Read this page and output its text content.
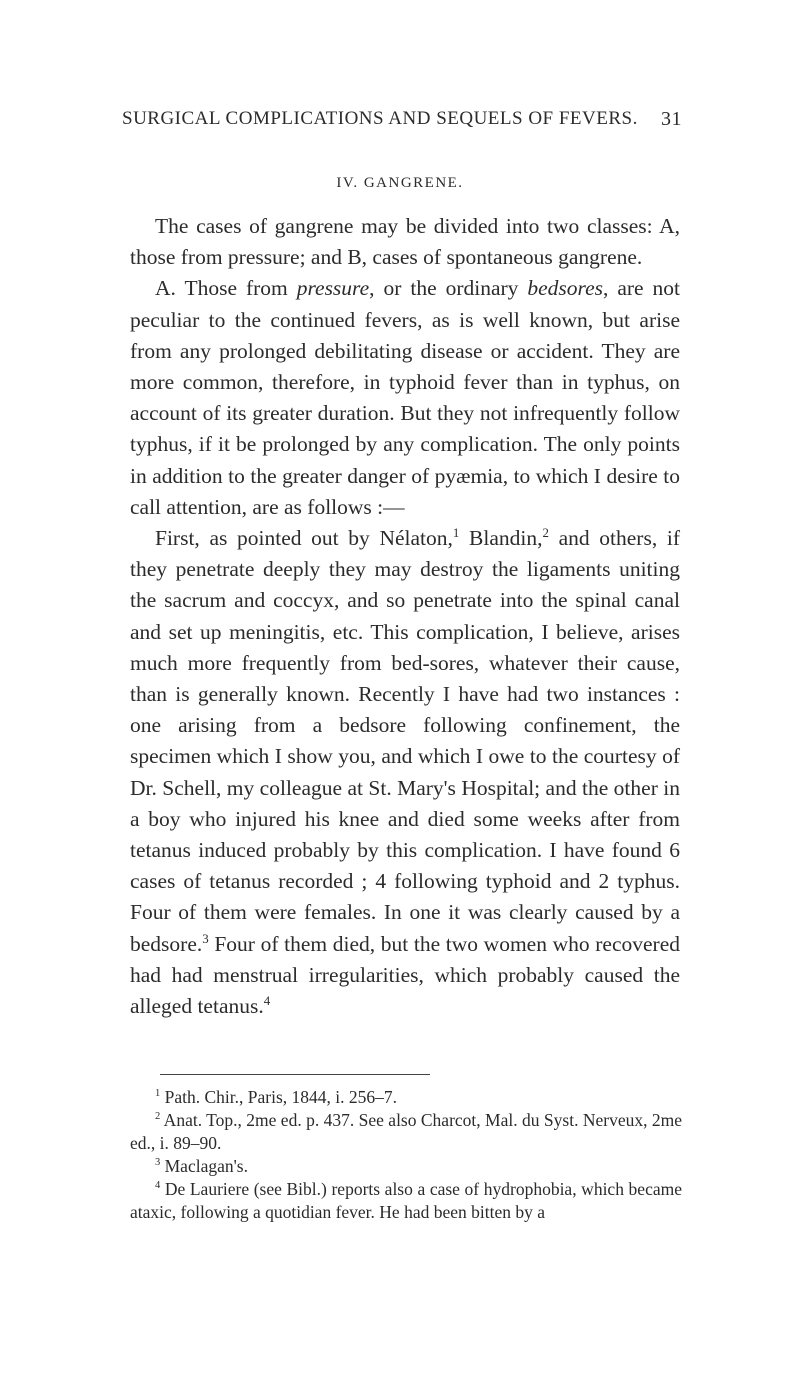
SURGICAL COMPLICATIONS AND SEQUELS OF FEVERS. 31
IV. GANGRENE.

The cases of gangrene may be divided into two classes: A, those from pressure; and B, cases of spontaneous gangrene.

A. Those from pressure, or the ordinary bedsores, are not peculiar to the continued fevers, as is well known, but arise from any prolonged debilitating disease or accident. They are more common, therefore, in typhoid fever than in typhus, on account of its greater duration. But they not infrequently follow typhus, if it be prolonged by any complication. The only points in addition to the greater danger of pyæmia, to which I desire to call attention, are as follows :—

First, as pointed out by Nélaton,$^1$ Blandin,$^2$ and others, if they penetrate deeply they may destroy the ligaments uniting the sacrum and coccyx, and so penetrate into the spinal canal and set up meningitis, etc. This complication, I believe, arises much more frequently from bed-sores, whatever their cause, than is generally known. Recently I have had two instances : one arising from a bedsore following confinement, the specimen which I show you, and which I owe to the courtesy of Dr. Schell, my colleague at St. Mary's Hospital; and the other in a boy who injured his knee and died some weeks after from tetanus induced probably by this complication. I have found 6 cases of tetanus recorded ; 4 following typhoid and 2 typhus. Four of them were females. In one it was clearly caused by a bedsore.$^3$ Four of them died, but the two women who recovered had had menstrual irregularities, which probably caused the alleged tetanus.$^4$

$^1$ Path. Chir., Paris, 1844, i. 256–7.

$^2$ Anat. Top., 2me ed. p. 437. See also Charcot, Mal. du Syst. Nerveux, 2me ed., i. 89–90.

$^3$ Maclagan's.

$^4$ De Lauriere (see Bibl.) reports also a case of hydrophobia, which became ataxic, following a quotidian fever. He had been bitten by a
